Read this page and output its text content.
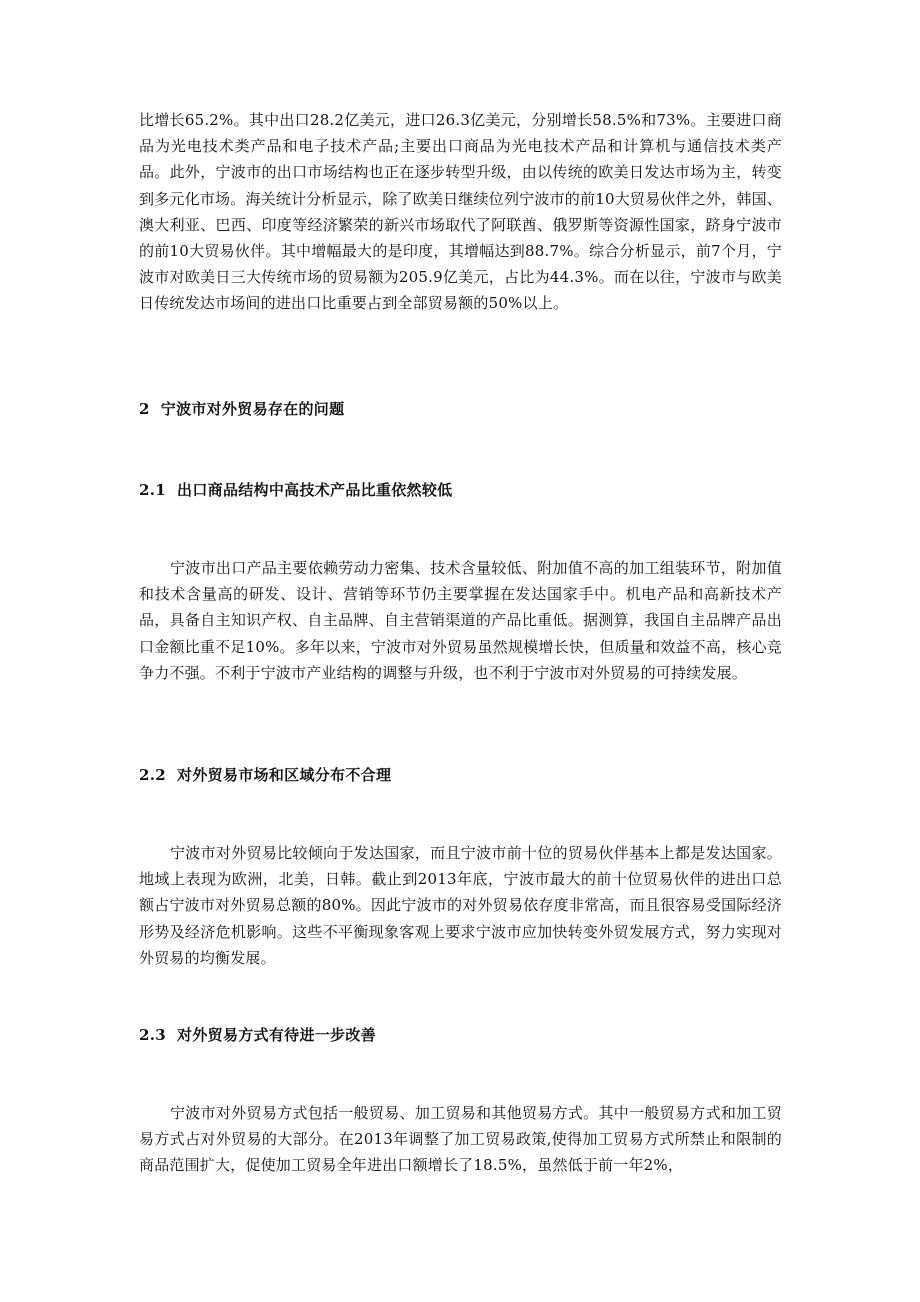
比增长65.2%。其中出口28.2亿美元，进口26.3亿美元，分别增长58.5%和73%。主要进口商品为光电技术类产品和电子技术产品;主要出口商品为光电技术产品和计算机与通信技术类产品。此外，宁波市的出口市场结构也正在逐步转型升级，由以传统的欧美日发达市场为主，转变到多元化市场。海关统计分析显示，除了欧美日继续位列宁波市的前10大贸易伙伴之外，韩国、澳大利亚、巴西、印度等经济繁荣的新兴市场取代了阿联酋、俄罗斯等资源性国家，跻身宁波市的前10大贸易伙伴。其中增幅最大的是印度，其增幅达到88.7%。综合分析显示，前7个月，宁波市对欧美日三大传统市场的贸易额为205.9亿美元，占比为44.3%。而在以往，宁波市与欧美日传统发达市场间的进出口比重要占到全部贸易额的50%以上。

2  宁波市对外贸易存在的问题
2.1  出口商品结构中高技术产品比重依然较低

宁波市出口产品主要依赖劳动力密集、技术含量较低、附加值不高的加工组装环节，附加值和技术含量高的研发、设计、营销等环节仍主要掌握在发达国家手中。机电产品和高新技术产品，具备自主知识产权、自主品牌、自主营销渠道的产品比重低。据测算，我国自主品牌产品出口金额比重不足10%。多年以来，宁波市对外贸易虽然规模增长快，但质量和效益不高，核心竞争力不强。不利于宁波市产业结构的调整与升级，也不利于宁波市对外贸易的可持续发展。

2.2  对外贸易市场和区域分布不合理

宁波市对外贸易比较倾向于发达国家，而且宁波市前十位的贸易伙伴基本上都是发达国家。地域上表现为欧洲，北美，日韩。截止到2013年底，宁波市最大的前十位贸易伙伴的进出口总额占宁波市对外贸易总额的80%。因此宁波市的对外贸易依存度非常高，而且很容易受国际经济形势及经济危机影响。这些不平衡现象客观上要求宁波市应加快转变外贸发展方式，努力实现对外贸易的均衡发展。

2.3  对外贸易方式有待进一步改善

宁波市对外贸易方式包括一般贸易、加工贸易和其他贸易方式。其中一般贸易方式和加工贸易方式占对外贸易的大部分。在2013年调整了加工贸易政策,使得加工贸易方式所禁止和限制的商品范围扩大，促使加工贸易全年进出口额增长了18.5%，虽然低于前一年2%，
